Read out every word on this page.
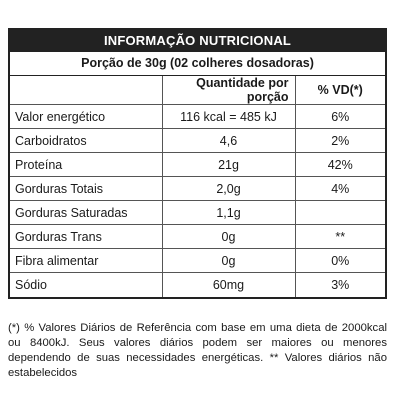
INFORMAÇÃO NUTRICIONAL
Porção de 30g (02 colheres dosadoras)
	Quantidade por porção	% VD(*)
Valor energético	116 kcal = 485 kJ	6%
Carboidratos	4,6	2%
Proteína	21g	42%
Gorduras Totais	2,0g	4%
Gorduras Saturadas	1,1g	
Gorduras Trans	0g	**
Fibra alimentar	0g	0%
Sódio	60mg	3%

(*) % Valores Diários de Referência com base em uma dieta de 2000kcal ou 8400kJ. Seus valores diários podem ser maiores ou menores dependendo de suas necessidades energéticas. ** Valores diários não estabelecidos
